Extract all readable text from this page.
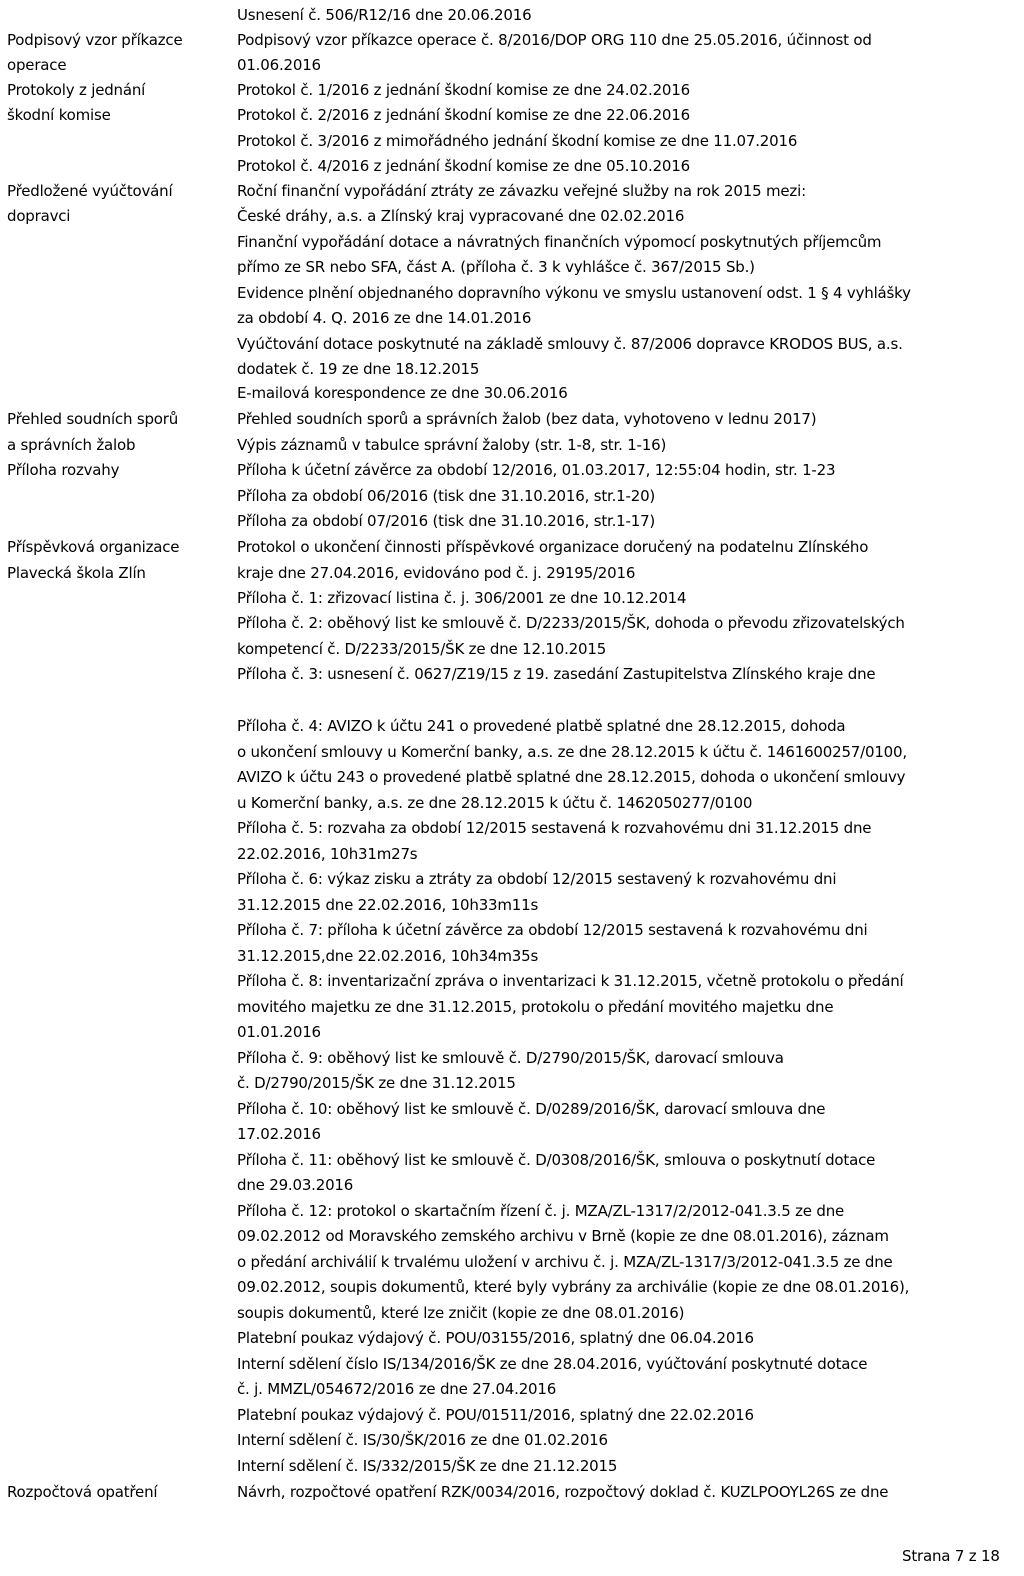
Usnesení č. 506/R12/16 dne 20.06.2016
Podpisový vzor příkazce	Podpisový vzor příkazce operace č. 8/2016/DOP ORG 110 dne 25.05.2016, účinnost od
operace	01.06.2016
Protokoly z jednání	Protokol č. 1/2016 z jednání škodní komise ze dne 24.02.2016
škodní komise	Protokol č. 2/2016 z jednání škodní komise ze dne 22.06.2016
Protokol č. 3/2016 z mimořádného jednání škodní komise ze dne 11.07.2016
Protokol č. 4/2016 z jednání škodní komise ze dne 05.10.2016
Předložené vyúčtování	Roční finanční vypořádání ztráty ze závazku veřejné služby na rok 2015 mezi:
dopravci	České dráhy, a.s. a Zlínský kraj vypracované dne 02.02.2016
Finanční vypořádání dotace a návratných finančních výpomocí poskytnutých příjemcům
přímo ze SR nebo SFA, část A. (příloha č. 3 k vyhlášce č. 367/2015 Sb.)
Evidence plnění objednaného dopravního výkonu ve smyslu ustanovení odst. 1 § 4 vyhlášky
za období 4. Q. 2016 ze dne 14.01.2016
Vyúčtování dotace poskytnuté na základě smlouvy č. 87/2006 dopravce KRODOS BUS, a.s.
dodatek č. 19 ze dne 18.12.2015
E-mailová korespondence ze dne 30.06.2016
Přehled soudních sporů	Přehled soudních sporů a správních žalob (bez data, vyhotoveno v lednu 2017)
a správních žalob	Výpis záznamů v tabulce správní žaloby (str. 1-8, str. 1-16)
Příloha rozvahy	Příloha k účetní závěrce za období 12/2016, 01.03.2017, 12:55:04 hodin, str. 1-23
Příloha za období 06/2016 (tisk dne 31.10.2016, str.1-20)
Příloha za období 07/2016 (tisk dne 31.10.2016, str.1-17)
Příspěvková organizace	Protokol o ukončení činnosti příspěvkové organizace doručený na podatelnu Zlínského
Plavecká škola Zlín	kraje dne 27.04.2016, evidováno pod č. j. 29195/2016
Příloha č. 1: zřizovací listina č. j. 306/2001 ze dne 10.12.2014
Příloha č. 2: oběhový list ke smlouvě č. D/2233/2015/ŠK, dohoda o převodu zřizovatelských
kompetencí č. D/2233/2015/ŠK ze dne 12.10.2015
Příloha č. 3: usnesení č. 0627/Z19/15 z 19. zasedání Zastupitelstva Zlínského kraje dne
Příloha č. 4: AVIZO k účtu 241 o provedené platbě splatné dne 28.12.2015, dohoda
o ukončení smlouvy u Komerční banky, a.s. ze dne 28.12.2015 k účtu č. 1461600257/0100,
AVIZO k účtu 243 o provedené platbě splatné dne 28.12.2015, dohoda o ukončení smlouvy
u Komerční banky, a.s. ze dne 28.12.2015 k účtu č. 1462050277/0100
Příloha č. 5: rozvaha za období 12/2015 sestavená k rozvahovému dni 31.12.2015 dne
22.02.2016, 10h31m27s
Příloha č. 6: výkaz zisku a ztráty za období 12/2015 sestavený k rozvahovému dni
31.12.2015 dne 22.02.2016, 10h33m11s
Příloha č. 7: příloha k účetní závěrce za období 12/2015 sestavená k rozvahovému dni
31.12.2015,dne 22.02.2016, 10h34m35s
Příloha č. 8: inventarizační zpráva o inventarizaci k 31.12.2015, včetně protokolu o předání
movitého majetku ze dne 31.12.2015, protokolu o předání movitého majetku dne
01.01.2016
Příloha č. 9: oběhový list ke smlouvě č. D/2790/2015/ŠK, darovací smlouva
č. D/2790/2015/ŠK ze dne 31.12.2015
Příloha č. 10: oběhový list ke smlouvě č. D/0289/2016/ŠK, darovací smlouva dne
17.02.2016
Příloha č. 11: oběhový list ke smlouvě č. D/0308/2016/ŠK, smlouva o poskytnutí dotace
dne 29.03.2016
Příloha č. 12: protokol o skartačním řízení č. j. MZA/ZL-1317/2/2012-041.3.5 ze dne
09.02.2012 od Moravského zemského archivu v Brně (kopie ze dne 08.01.2016), záznam
o předání archiválií k trvalému uložení v archivu č. j. MZA/ZL-1317/3/2012-041.3.5 ze dne
09.02.2012, soupis dokumentů, které byly vybrány za archiválie (kopie ze dne 08.01.2016),
soupis dokumentů, které lze zničit (kopie ze dne 08.01.2016)
Platební poukaz výdajový č. POU/03155/2016, splatný dne 06.04.2016
Interní sdělení číslo IS/134/2016/ŠK ze dne 28.04.2016, vyúčtování poskytnuté dotace
č. j. MMZL/054672/2016 ze dne 27.04.2016
Platební poukaz výdajový č. POU/01511/2016, splatný dne 22.02.2016
Interní sdělení č. IS/30/ŠK/2016 ze dne 01.02.2016
Interní sdělení č. IS/332/2015/ŠK ze dne 21.12.2015
Rozpočtová opatření	Návrh, rozpočtové opatření RZK/0034/2016, rozpočtový doklad č. KUZLPOOYL26S ze dne
Strana 7 z 18
